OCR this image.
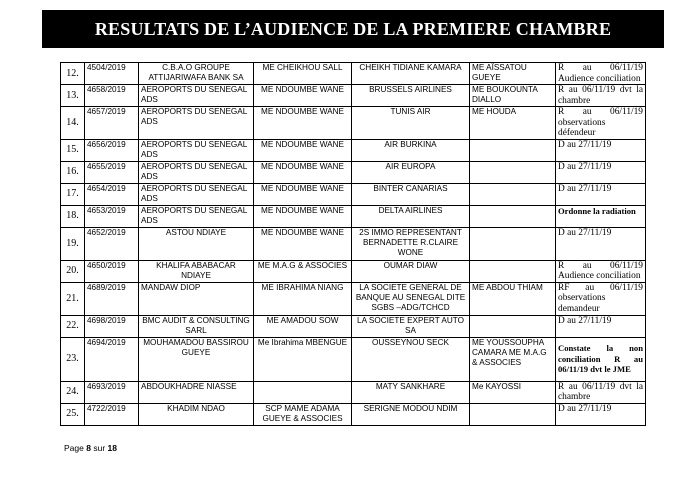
RESULTATS DE L’AUDIENCE DE LA PREMIERE CHAMBRE
12.	4504/2019	C.B.A.O GROUPE ATTIJARIWAFA BANK SA	ME CHEIKHOU SALL	CHEIKH TIDIANE KAMARA	ME AÏSSATOU GUEYE	R au 06/11/19 Audience conciliation
13.	4658/2019	AEROPORTS DU SENEGAL ADS	ME NDOUMBE WANE	BRUSSELS AIRLINES	ME BOUKOUNTA DIALLO	R au 06/11/19 dvt la chambre
14.	4657/2019	AEROPORTS DU SENEGAL ADS	ME NDOUMBE WANE	TUNIS AIR	ME HOUDA	R au 06/11/19 observations défendeur
15.	4656/2019	AEROPORTS DU SENEGAL ADS	ME NDOUMBE WANE	AIR BURKINA		D au 27/11/19
16.	4655/2019	AEROPORTS DU SENEGAL ADS	ME NDOUMBE WANE	AIR EUROPA		D au 27/11/19
17.	4654/2019	AEROPORTS DU SENEGAL ADS	ME NDOUMBE WANE	BINTER CANARIAS		D au 27/11/19
18.	4653/2019	AEROPORTS DU SENEGAL ADS	ME NDOUMBE WANE	DELTA AIRLINES		Ordonne la radiation
19.	4652/2019	ASTOU NDIAYE	ME NDOUMBE WANE	2S IMMO REPRESENTANT BERNADETTE R.CLAIRE WONE		D au 27/11/19
20.	4650/2019	KHALIFA ABABACAR NDIAYE	ME M.A.G & ASSOCIES	OUMAR DIAW		R au 06/11/19 Audience conciliation
21.	4689/2019	MANDAW DIOP	ME IBRAHIMA NIANG	LA SOCIETE GENERAL DE BANQUE AU SENEGAL DITE SGBS –ADG/TCHCD	ME ABDOU THIAM	RF au 06/11/19 observations demandeur
22.	4698/2019	BMC AUDIT & CONSULTING SARL	ME AMADOU SOW	LA SOCIETE EXPERT AUTO SA		D au 27/11/19
23.	4694/2019	MOUHAMADOU BASSIROU GUEYE	Me Ibrahima MBENGUE	OUSSEYNOU SECK	ME YOUSSOUPHA CAMARA ME M.A.G & ASSOCIES	Constate la non conciliation R au 06/11/19 dvt le JME
24.	4693/2019	ABDOUKHADRE NIASSE		MATY SANKHARE	Me KAYOSSI	R au 06/11/19 dvt la chambre
25.	4722/2019	KHADIM NDAO	SCP MAME ADAMA GUEYE & ASSOCIES	SERIGNE MODOU NDIM		D au 27/11/19
Page 8 sur 18
